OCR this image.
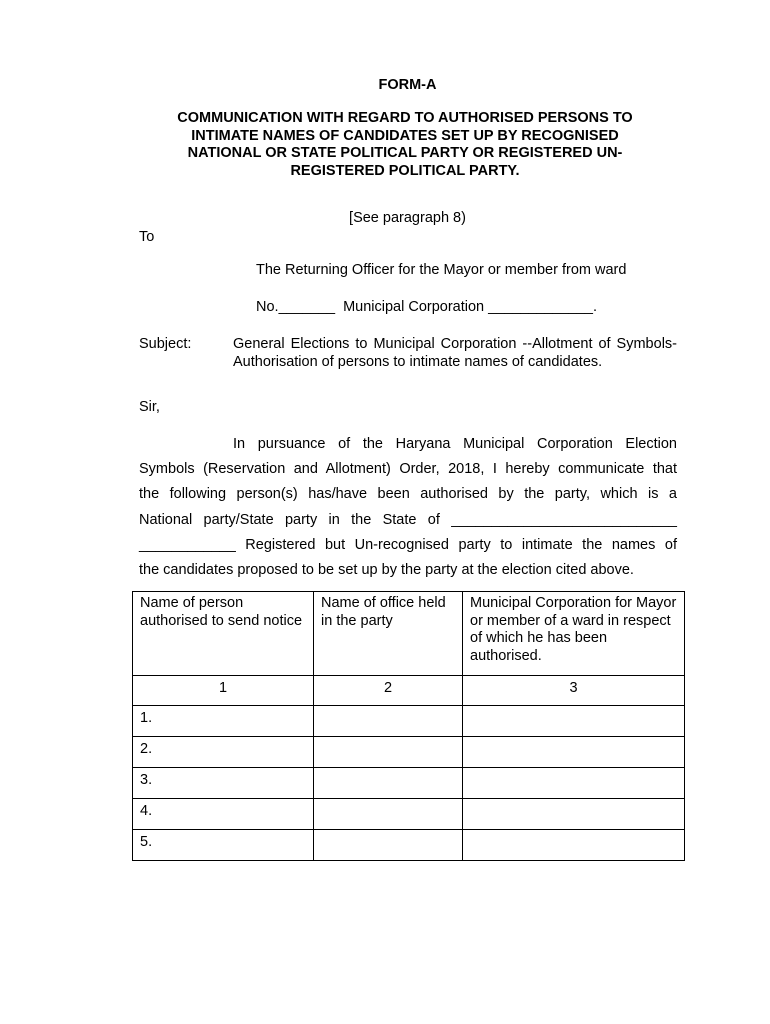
FORM-A
COMMUNICATION WITH REGARD TO AUTHORISED PERSONS TO
INTIMATE NAMES OF CANDIDATES SET UP BY RECOGNISED
NATIONAL OR STATE POLITICAL PARTY OR REGISTERED UN-
REGISTERED POLITICAL PARTY.
[See paragraph 8)
To
The Returning Officer for the Mayor or member from ward
No._______  Municipal Corporation _____________.
Subject:	General Elections to Municipal Corporation --Allotment of Symbols-Authorisation of persons to intimate names of candidates.
Sir,
In pursuance of the Haryana Municipal Corporation Election
Symbols (Reservation and Allotment) Order, 2018, I hereby communicate that
the following person(s) has/have been authorised by the party, which is a
National party/State party in the State of ____________________________
____________ Registered but Un-recognised party to intimate the names of
the candidates proposed to be set up by the party at the election cited above.
Name of person authorised to send notice	Name of office held in the party	Municipal Corporation for Mayor or member of a ward in respect of which he has been authorised.
1	2	3
1.		
2.		
3.		
4.		
5.		
